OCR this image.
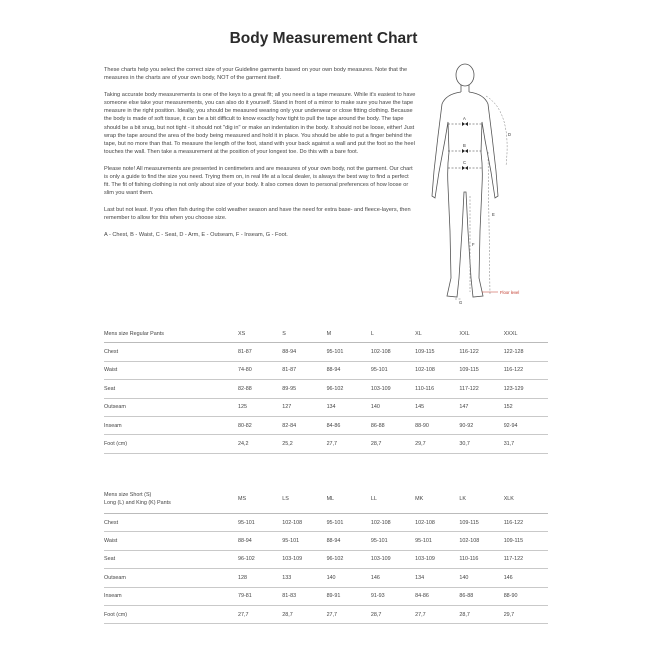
Body Measurement Chart

These charts help you select the correct size of your Guideline garments based on your own body measures. Note that the measures in the charts are of your own body, NOT of the garment itself.

Taking accurate body measurements is one of the keys to a great fit; all you need is a tape measure. While it's easiest to have someone else take your measurements, you can also do it yourself. Stand in front of a mirror to make sure you have the tape measure in the right position. Ideally, you should be measured wearing only your underwear or close fitting clothing. Because the body is made of soft tissue, it can be a bit difficult to know exactly how tight to pull the tape around the body. The tape should be a bit snug, but not tight - it should not "dig in" or make an indentation in the body. It should not be loose, either! Just wrap the tape around the area of the body being measured and hold it in place. You should be able to put a finger behind the tape, but no more than that. To measure the length of the foot, stand with your back against a wall and put the foot so the heel touches the wall. Then take a measurement at the position of your longest toe. Do this with a bare foot.

Please note! All measurements are presented in centimeters and are measures of your own body, not the garment. Our chart is only a guide to find the size you need. Trying them on, in real life at a local dealer, is always the best way to find a perfect fit. The fit of fishing clothing is not only about size of your body. It also comes down to personal preferences of how loose or slim you want them.

Last but not least. If you often fish during the cold weather season and have the need for extra base- and fleece-layers, then remember to allow for this when you choose size.

A - Chest, B - Waist, C - Seat, D - Arm, E - Outseam, F - Inseam, G - Foot.

A
B
C
D
E
F
G
Floor level
Mens size Regular Pants	XS	S	M	L	XL	XXL	XXXL
Chest	81-87	88-94	95-101	102-108	109-115	116-122	122-128
Waist	74-80	81-87	88-94	95-101	102-108	109-115	116-122
Seat	82-88	89-95	96-102	103-109	110-116	117-122	123-129
Outseam	125	127	134	140	145	147	152
Inseam	80-82	82-84	84-86	86-88	88-90	90-92	92-94
Foot (cm)	24,2	25,2	27,7	28,7	29,7	30,7	31,7
Mens size Short (S)
Long (L) and King (K) Pants	MS	LS	ML	LL	MK	LK	XLK
Chest	95-101	102-108	95-101	102-108	102-108	109-115	116-122
Waist	88-94	95-101	88-94	95-101	95-101	102-108	109-115
Seat	96-102	103-109	96-102	103-109	103-109	110-116	117-122
Outseam	128	133	140	146	134	140	146
Inseam	79-81	81-83	89-91	91-93	84-86	86-88	88-90
Foot (cm)	27,7	28,7	27,7	28,7	27,7	28,7	29,7
